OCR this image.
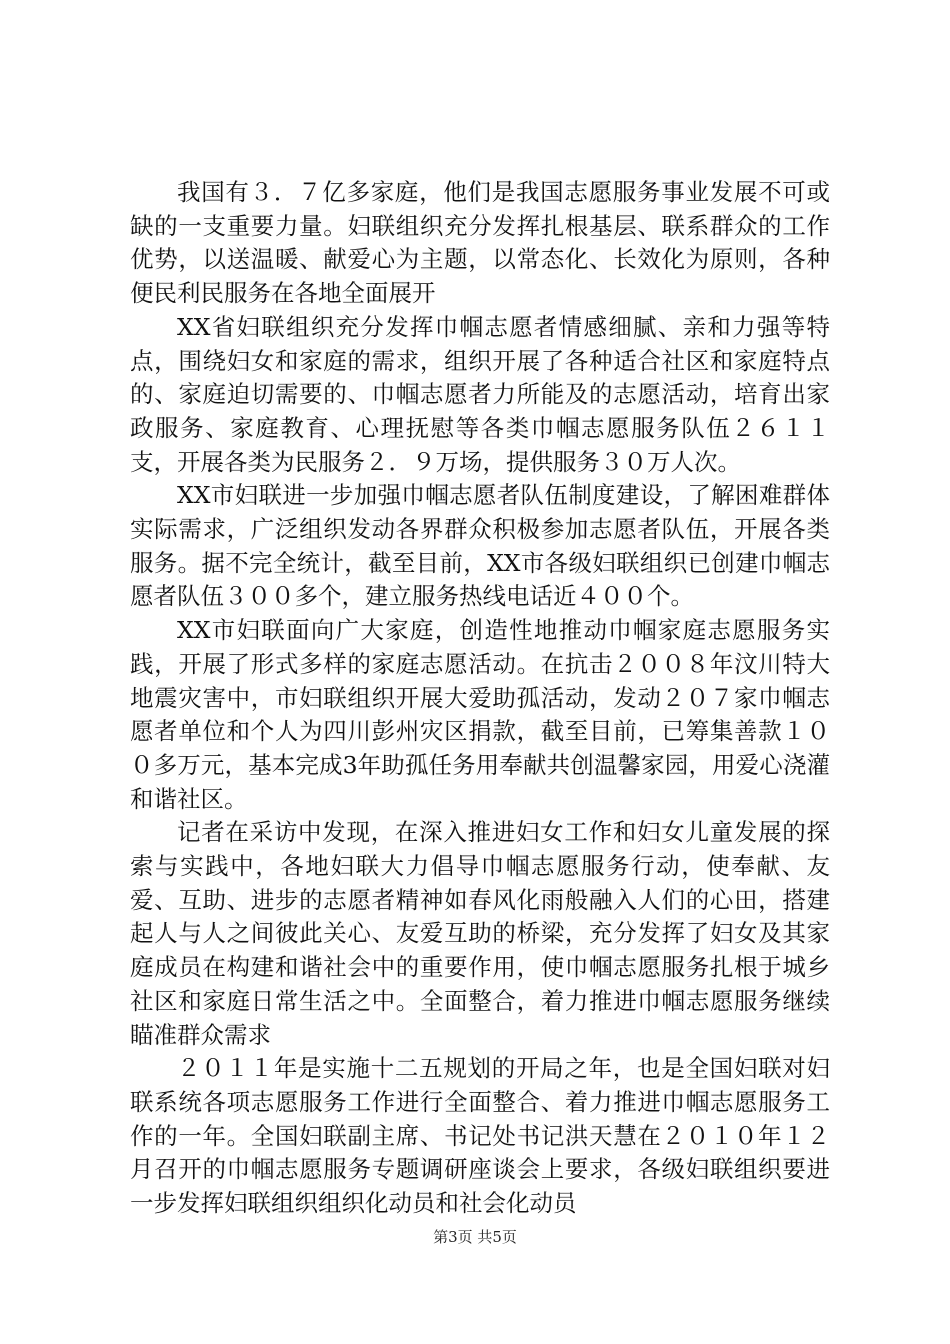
我国有３．７亿多家庭，他们是我国志愿服务事业发展不可或缺的一支重要力量。妇联组织充分发挥扎根基层、联系群众的工作优势，以送温暖、献爱心为主题，以常态化、长效化为原则，各种便民利民服务在各地全面展开

XX省妇联组织充分发挥巾帼志愿者情感细腻、亲和力强等特点，围绕妇女和家庭的需求，组织开展了各种适合社区和家庭特点的、家庭迫切需要的、巾帼志愿者力所能及的志愿活动，培育出家政服务、家庭教育、心理抚慰等各类巾帼志愿服务队伍２６１１支，开展各类为民服务２．９万场，提供服务３０万人次。

XX市妇联进一步加强巾帼志愿者队伍制度建设，了解困难群体实际需求，广泛组织发动各界群众积极参加志愿者队伍，开展各类服务。据不完全统计，截至目前，XX市各级妇联组织已创建巾帼志愿者队伍３００多个，建立服务热线电话近４００个。

XX市妇联面向广大家庭，创造性地推动巾帼家庭志愿服务实践，开展了形式多样的家庭志愿活动。在抗击２００８年汶川特大地震灾害中，市妇联组织开展大爱助孤活动，发动２０７家巾帼志愿者单位和个人为四川彭州灾区捐款，截至目前，已筹集善款１００多万元，基本完成3年助孤任务用奉献共创温馨家园，用爱心浇灌和谐社区。

记者在采访中发现，在深入推进妇女工作和妇女儿童发展的探索与实践中，各地妇联大力倡导巾帼志愿服务行动，使奉献、友爱、互助、进步的志愿者精神如春风化雨般融入人们的心田，搭建起人与人之间彼此关心、友爱互助的桥梁，充分发挥了妇女及其家庭成员在构建和谐社会中的重要作用，使巾帼志愿服务扎根于城乡社区和家庭日常生活之中。全面整合，着力推进巾帼志愿服务继续瞄准群众需求

２０１１年是实施十二五规划的开局之年，也是全国妇联对妇联系统各项志愿服务工作进行全面整合、着力推进巾帼志愿服务工作的一年。全国妇联副主席、书记处书记洪天慧在２０１０年１２月召开的巾帼志愿服务专题调研座谈会上要求，各级妇联组织要进一步发挥妇联组织组织化动员和社会化动员

第3页 共5页
